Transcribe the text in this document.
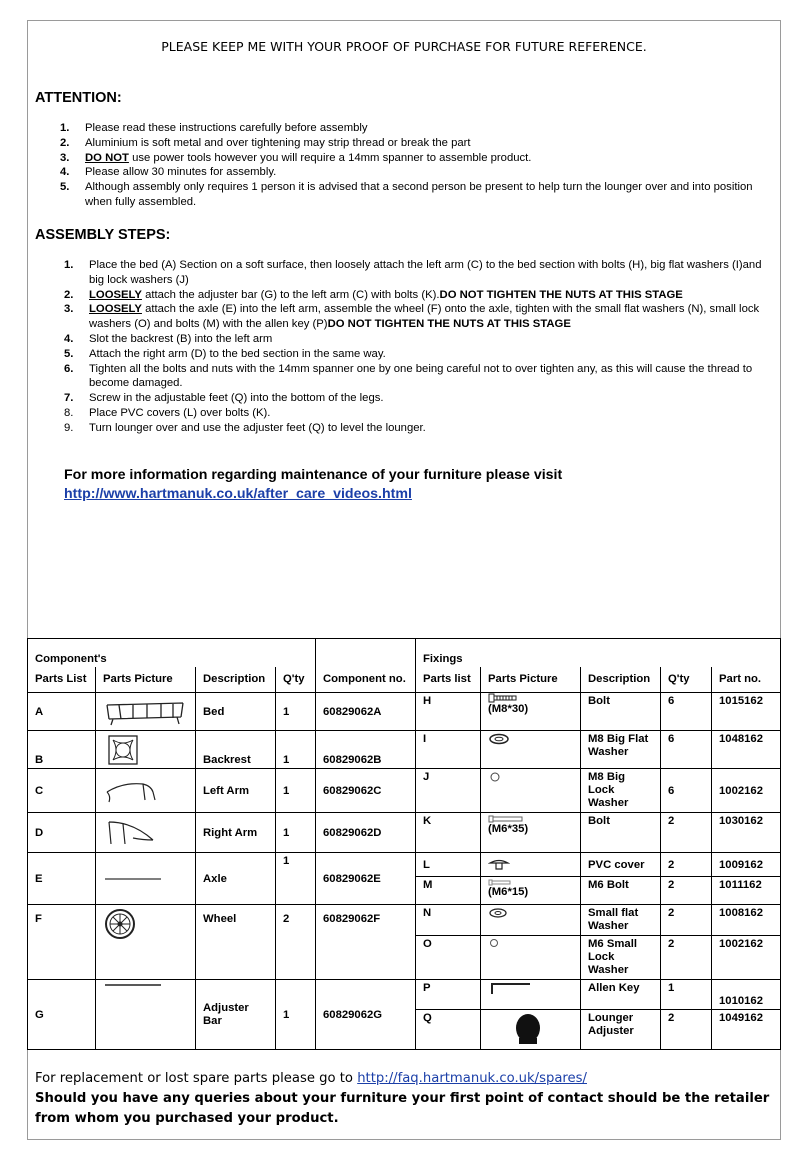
PLEASE KEEP ME WITH YOUR PROOF OF PURCHASE FOR FUTURE REFERENCE.
ATTENTION:
1. Please read these instructions carefully before assembly
2. Aluminium is soft metal and over tightening may strip thread or break the part
3. DO NOT use power tools however you will require a 14mm spanner to assemble product.
4. Please allow 30 minutes for assembly.
5. Although assembly only requires 1 person it is advised that a second person be present to help turn the lounger over and into position when fully assembled.
ASSEMBLY STEPS:
1. Place the bed (A) Section on a soft surface, then loosely attach the left arm (C) to the bed section with bolts (H), big flat washers (I)and big lock washers (J)
2. LOOSELY attach the adjuster bar (G) to the left arm (C) with bolts (K).DO NOT TIGHTEN THE NUTS AT THIS STAGE
3. LOOSELY attach the axle (E) into the left arm, assemble the wheel (F) onto the axle, tighten with the small flat washers (N), small lock washers (O) and bolts (M) with the allen key (P)DO NOT TIGHTEN THE NUTS AT THIS STAGE
4. Slot the backrest (B) into the left arm
5. Attach the right arm (D) to the bed section in the same way.
6. Tighten all the bolts and nuts with the 14mm spanner one by one being careful not to over tighten any, as this will cause the thread to become damaged.
7. Screw in the adjustable feet (Q) into the bottom of the legs.
8. Place PVC covers (L) over bolts (K).
9. Turn lounger over and use the adjuster feet (Q) to level the lounger.
For more information regarding maintenance of your furniture please visit
http://www.hartmanuk.co.uk/after_care_videos.html
Component's					Fixings				
Parts List	Parts Picture	Description	Q'ty	Component no.	Parts list	Parts Picture	Description	Q'ty	Part no.
A		Bed	1	60829062A	H	(M8*30)	Bolt	6	1015162
B		Backrest	1	60829062B	I		M8 Big Flat Washer	6	1048162
C		Left Arm	1	60829062C	J		M8 Big Lock Washer	6	1002162
D		Right Arm	1	60829062D	K	(M6*35)	Bolt	2	1030162
E		Axle	1	60829062E	L		PVC cover	2	1009162
					M	(M6*15)	M6 Bolt	2	1011162
F		Wheel	2	60829062F	N		Small flat Washer	2	1008162
					O		M6 Small Lock Washer	2	1002162
G		Adjuster Bar	1	60829062G	P		Allen Key	1	1010162
					Q		Lounger Adjuster	2	1049162
For replacement or lost spare parts please go to http://faq.hartmanuk.co.uk/spares/
Should you have any queries about your furniture your first point of contact should be the retailer from whom you purchased your product.
